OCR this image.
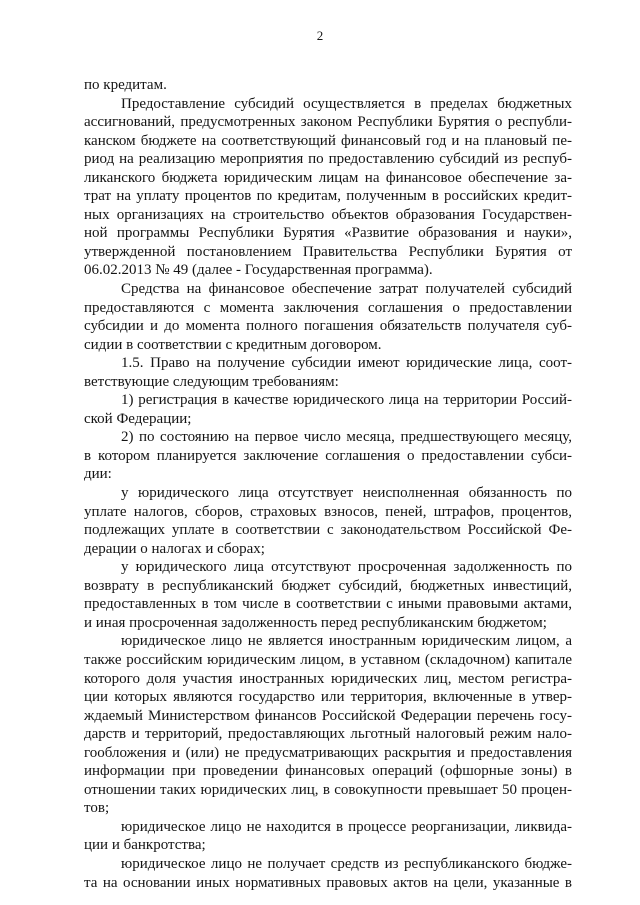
2
по кредитам.
Предоставление субсидий осуществляется в пределах бюджетных
ассигнований, предусмотренных законом Республики Бурятия о республи-
канском бюджете на соответствующий финансовый год и на плановый пе-
риод на реализацию мероприятия по предоставлению субсидий из респуб-
ликанского бюджета юридическим лицам на финансовое обеспечение за-
трат на уплату процентов по кредитам, полученным в российских кредит-
ных организациях на строительство объектов образования Государствен-
ной программы Республики Бурятия «Развитие образования и науки»,
утвержденной постановлением Правительства Республики Бурятия от
06.02.2013 № 49 (далее - Государственная программа).
Средства на финансовое обеспечение затрат получателей субсидий
предоставляются с момента заключения соглашения о предоставлении
субсидии и до момента полного погашения обязательств получателя суб-
сидии в соответствии с кредитным договором.
1.5. Право на получение субсидии имеют юридические лица, соот-
ветствующие следующим требованиям:
1) регистрация в качестве юридического лица на территории Россий-
ской Федерации;
2) по состоянию на первое число месяца, предшествующего месяцу,
в котором планируется заключение соглашения о предоставлении субси-
дии:
у юридического лица отсутствует неисполненная обязанность по
уплате налогов, сборов, страховых взносов, пеней, штрафов, процентов,
подлежащих уплате в соответствии с законодательством Российской Фе-
дерации о налогах и сборах;
у юридического лица отсутствуют просроченная задолженность по
возврату в республиканский бюджет субсидий, бюджетных инвестиций,
предоставленных в том числе в соответствии с иными правовыми актами,
и иная просроченная задолженность перед республиканским бюджетом;
юридическое лицо не является иностранным юридическим лицом, а
также российским юридическим лицом, в уставном (складочном) капитале
которого доля участия иностранных юридических лиц, местом регистра-
ции которых являются государство или территория, включенные в утвер-
ждаемый Министерством финансов Российской Федерации перечень госу-
дарств и территорий, предоставляющих льготный налоговый режим нало-
гообложения и (или) не предусматривающих раскрытия и предоставления
информации при проведении финансовых операций (офшорные зоны) в
отношении таких юридических лиц, в совокупности превышает 50 процен-
тов;
юридическое лицо не находится в процессе реорганизации, ликвида-
ции и банкротства;
юридическое лицо не получает средств из республиканского бюдже-
та на основании иных нормативных правовых актов на цели, указанные в
